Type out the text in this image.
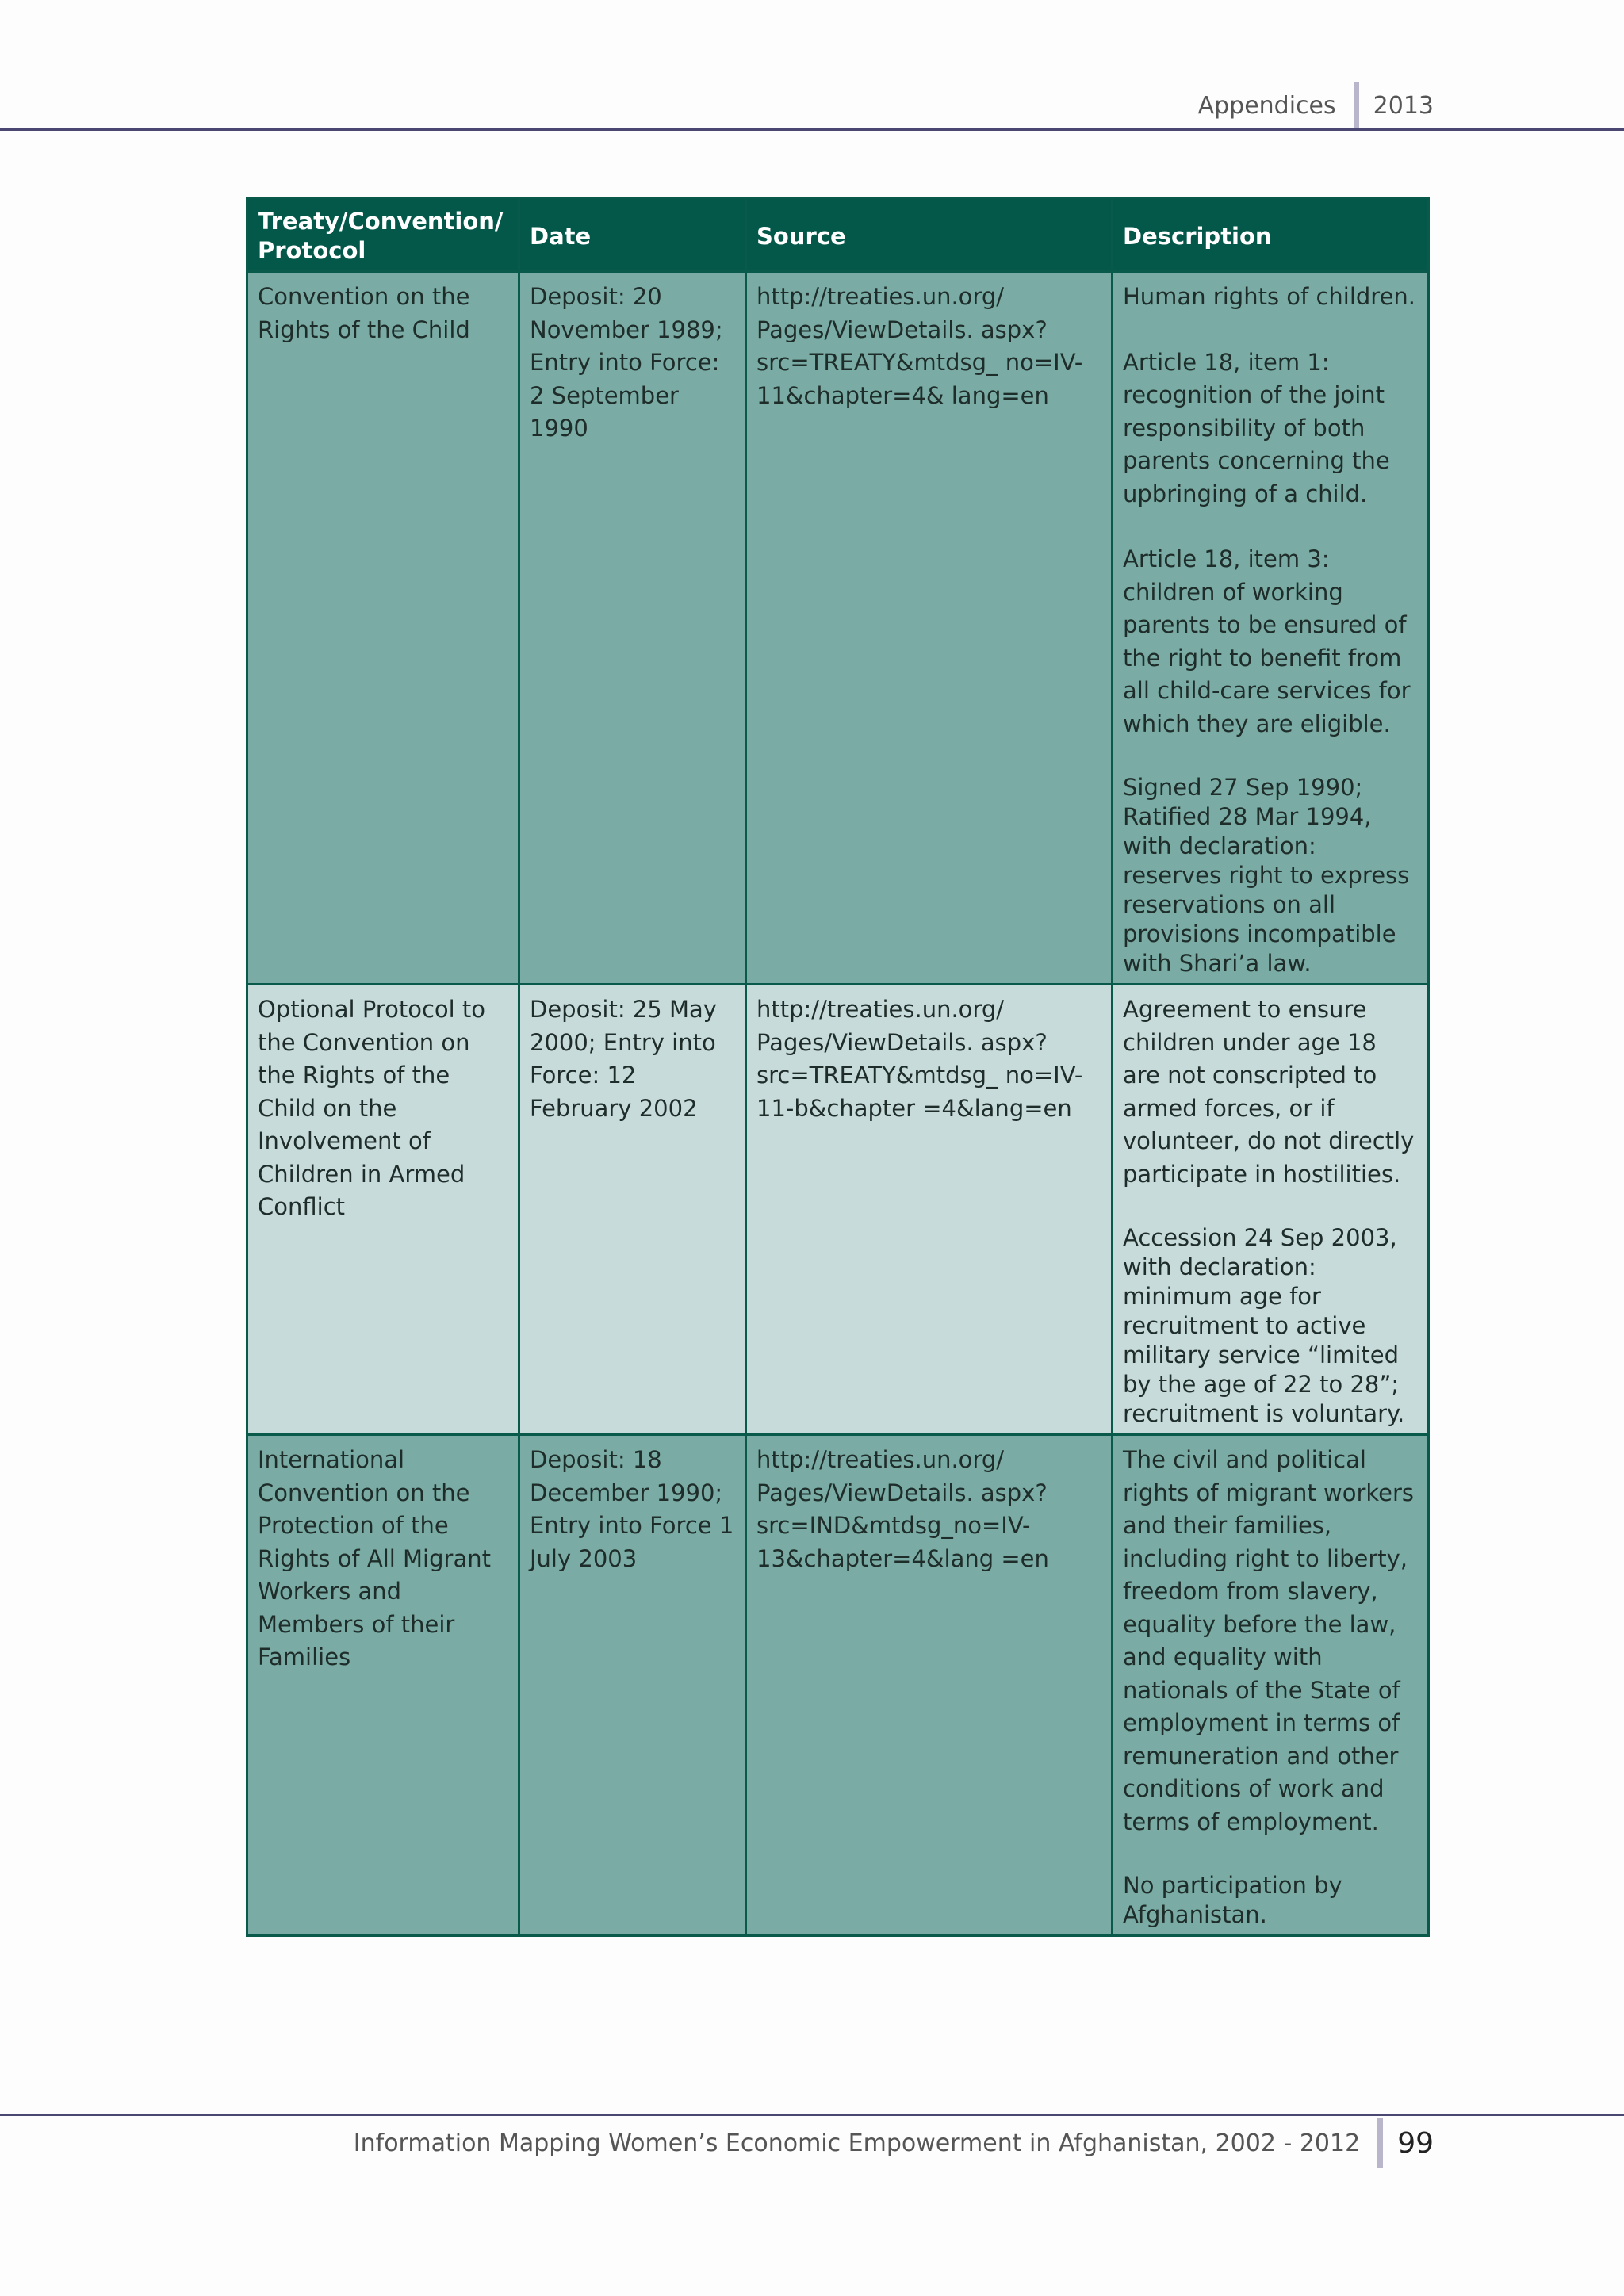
Appendices 2013
Treaty/Convention/ Protocol	Date	Source	Description
Convention on the Rights of the Child	Deposit: 20 November 1989; Entry into Force: 2 September 1990	http://treaties.un.org/ Pages/ViewDetails. aspx?src=TREATY&mtdsg_ no=IV-11&chapter=4& lang=en	Human rights of children.

Article 18, item 1: recognition of the joint responsibility of both parents concerning the upbringing of a child.

Article 18, item 3: children of working parents to be ensured of the right to benefit from all child-care services for which they are eligible.

Signed 27 Sep 1990; Ratified 28 Mar 1994, with declaration: reserves right to express reservations on all provisions incompatible with Shari’a law.

Optional Protocol to the Convention on the Rights of the Child on the Involvement of Children in Armed Conflict	Deposit: 25 May 2000; Entry into Force: 12 February 2002	http://treaties.un.org/ Pages/ViewDetails. aspx?src=TREATY&mtdsg_ no=IV-11-b&chapter =4&lang=en	Agreement to ensure children under age 18 are not conscripted to armed forces, or if volunteer, do not directly participate in hostilities.

Accession 24 Sep 2003, with declaration: minimum age for recruitment to active military service “limited by the age of 22 to 28”; recruitment is voluntary.

International Convention on the Protection of the Rights of All Migrant Workers and Members of their Families	Deposit: 18 December 1990; Entry into Force 1 July 2003	http://treaties.un.org/ Pages/ViewDetails. aspx?src=IND&mtdsg_no=IV-13&chapter=4&lang =en	The civil and political rights of migrant workers and their families, including right to liberty, freedom from slavery, equality before the law, and equality with nationals of the State of employment in terms of remuneration and other conditions of work and terms of employment.

No participation by Afghanistan.

Information Mapping Women’s Economic Empowerment in Afghanistan, 2002 - 2012 99
